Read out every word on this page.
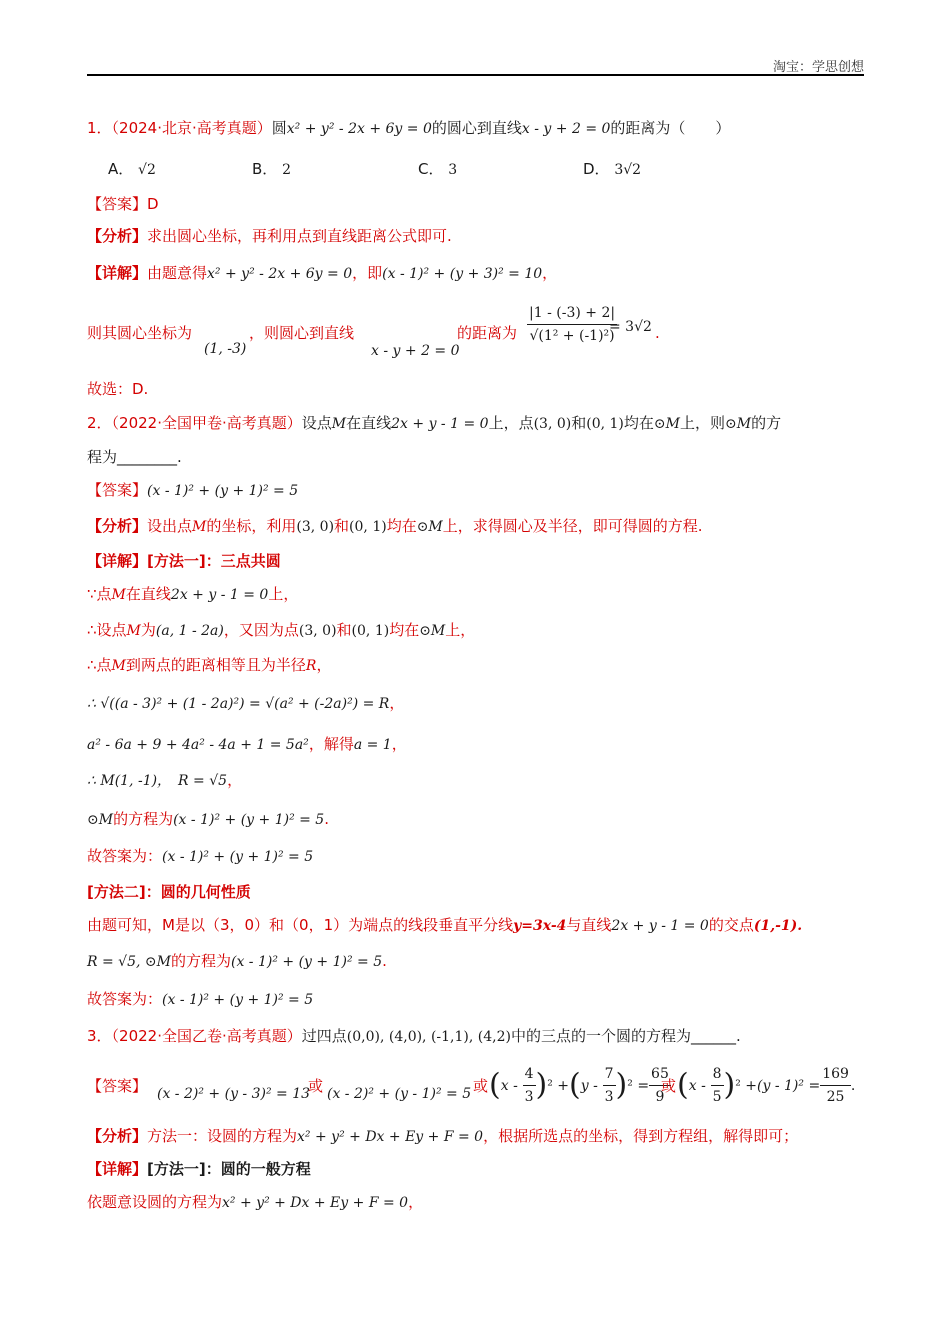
淘宝：学思创想
1．（2024·北京·高考真题）圆x² + y² - 2x + 6y = 0的圆心到直线x - y + 2 = 0的距离为（　　）
A． √2	B． 2	C． 3	D． 3√2
【答案】D
【分析】求出圆心坐标，再利用点到直线距离公式即可.
【详解】由题意得x² + y² - 2x + 6y = 0，即(x - 1)² + (y + 3)² = 10，
则其圆心坐标为
(1, -3)
，则圆心到直线
x - y + 2 = 0
的距离为 $\frac{|1 - (-3) + 2|}{\text{√(1² + (-1)²)}}$
= 3√2 .
故选：D.
2．（2022·全国甲卷·高考真题）设点M在直线2x + y - 1 = 0上，点(3, 0)和(0, 1)均在⊙M上，则⊙M的方
程为________.
【答案】(x - 1)² + (y + 1)² = 5
【分析】设出点M的坐标，利用(3, 0)和(0, 1)均在⊙M上，求得圆心及半径，即可得圆的方程.
【详解】[方法一]：三点共圆
∵点M在直线2x + y - 1 = 0上，
∴设点M为(a, 1 - 2a)，又因为点(3, 0)和(0, 1)均在⊙M上，
∴点M到两点的距离相等且为半径R，
∴ √((a - 3)² + (1 - 2a)²) = √(a² + (-2a)²) = R，
a² - 6a + 9 + 4a² - 4a + 1 = 5a²，解得a = 1，
∴ M(1, -1)，　R = √5，
⊙M的方程为(x - 1)² + (y + 1)² = 5.
故答案为：(x - 1)² + (y + 1)² = 5
[方法二]：圆的几何性质
由题可知，M是以（3，0）和（0，1）为端点的线段垂直平分线y=3x-4与直线2x + y - 1 = 0的交点(1,-1).
R = √5, ⊙M的方程为(x - 1)² + (y + 1)² = 5.
故答案为：(x - 1)² + (y + 1)² = 5
3．（2022·全国乙卷·高考真题）过四点(0,0), (4,0), (-1,1), (4,2)中的三点的一个圆的方程为______.
【答案】 (x - 2)² + (y - 3)² = 13
或 (x - 2)² + (y - 1)² = 5 或 $(x - \frac{4}{3} )^2 +(y - \frac{7}{3} )^2 = \frac{65}{9}$
或 $(x - \frac{8}{5} )^2 +(y - 1)^2 = \frac{169}{25}$ .
【分析】方法一：设圆的方程为x² + y² + Dx + Ey + F = 0，根据所选点的坐标，得到方程组，解得即可；
【详解】[方法一]：圆的一般方程
依题意设圆的方程为x² + y² + Dx + Ey + F = 0，
